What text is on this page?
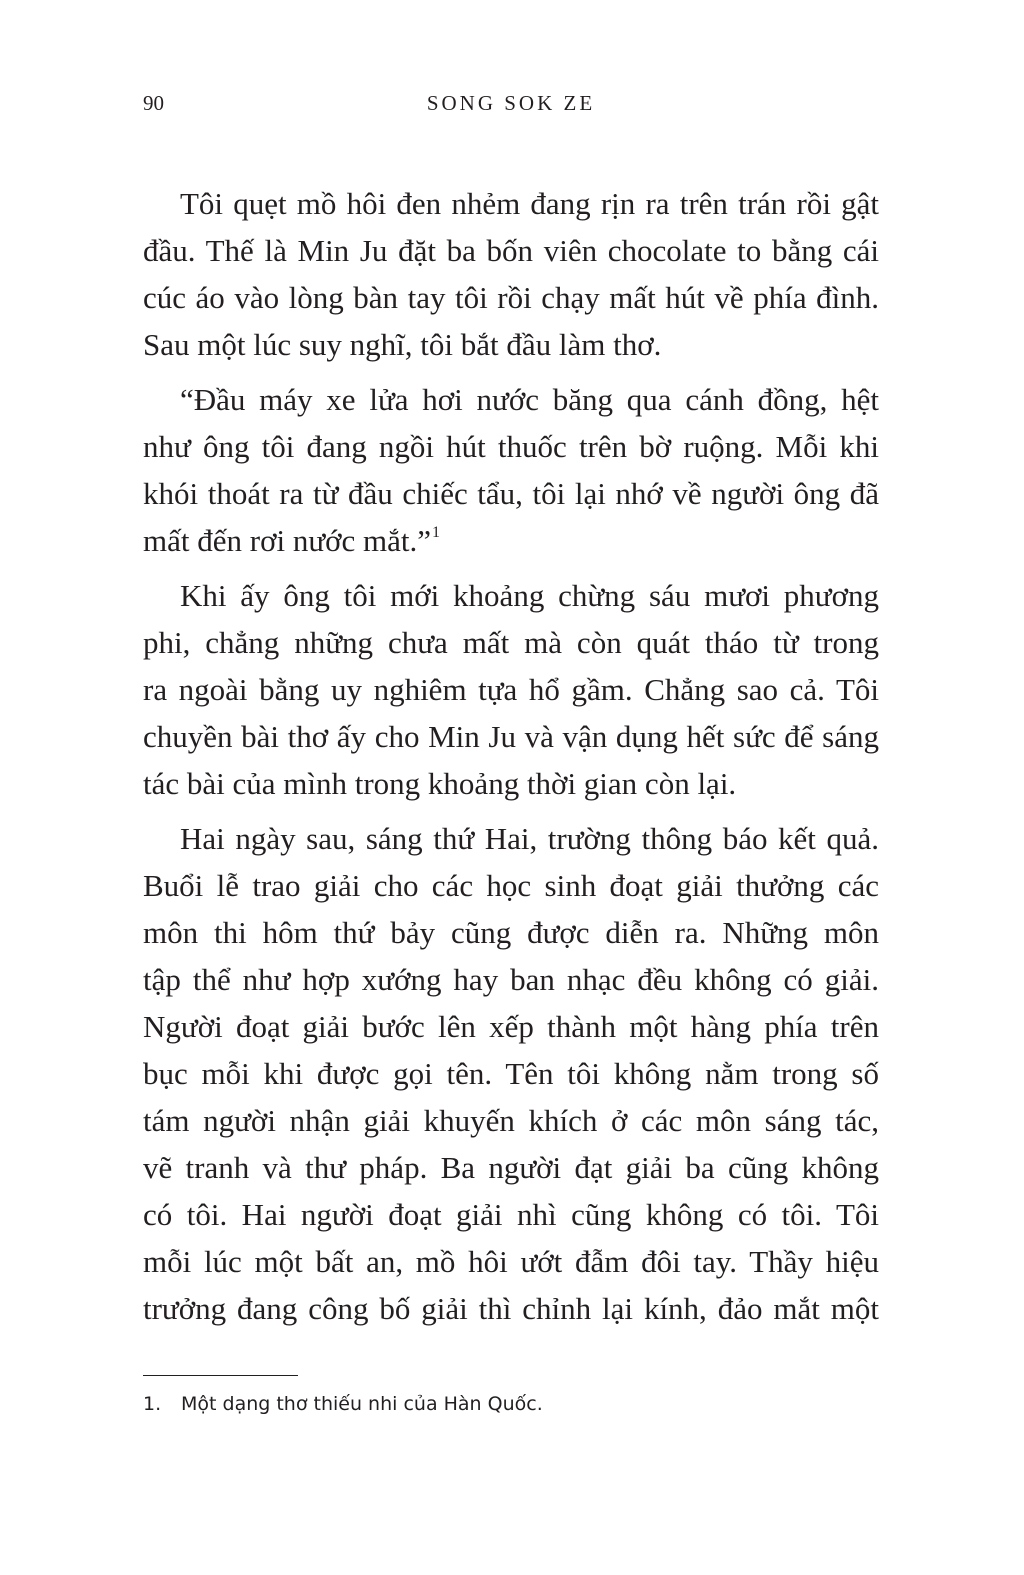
90	SONG SOK ZE
Tôi quẹt mồ hôi đen nhẻm đang rịn ra trên trán rồi gật
đầu. Thế là Min Ju đặt ba bốn viên chocolate to bằng cái
cúc áo vào lòng bàn tay tôi rồi chạy mất hút về phía đình.
Sau một lúc suy nghĩ, tôi bắt đầu làm thơ.
“Đầu máy xe lửa hơi nước băng qua cánh đồng, hệt
như ông tôi đang ngồi hút thuốc trên bờ ruộng. Mỗi khi
khói thoát ra từ đầu chiếc tẩu, tôi lại nhớ về người ông đã
mất đến rơi nước mắt.”$^1$
Khi ấy ông tôi mới khoảng chừng sáu mươi phương
phi, chẳng những chưa mất mà còn quát tháo từ trong
ra ngoài bằng uy nghiêm tựa hổ gầm. Chẳng sao cả. Tôi
chuyền bài thơ ấy cho Min Ju và vận dụng hết sức để sáng
tác bài của mình trong khoảng thời gian còn lại.
Hai ngày sau, sáng thứ Hai, trường thông báo kết quả.
Buổi lễ trao giải cho các học sinh đoạt giải thưởng các
môn thi hôm thứ bảy cũng được diễn ra. Những môn
tập thể như hợp xướng hay ban nhạc đều không có giải.
Người đoạt giải bước lên xếp thành một hàng phía trên
bục mỗi khi được gọi tên. Tên tôi không nằm trong số
tám người nhận giải khuyến khích ở các môn sáng tác,
vẽ tranh và thư pháp. Ba người đạt giải ba cũng không
có tôi. Hai người đoạt giải nhì cũng không có tôi. Tôi
mỗi lúc một bất an, mồ hôi ướt đẫm đôi tay. Thầy hiệu
trưởng đang công bố giải thì chỉnh lại kính, đảo mắt một
1. Một dạng thơ thiếu nhi của Hàn Quốc.
